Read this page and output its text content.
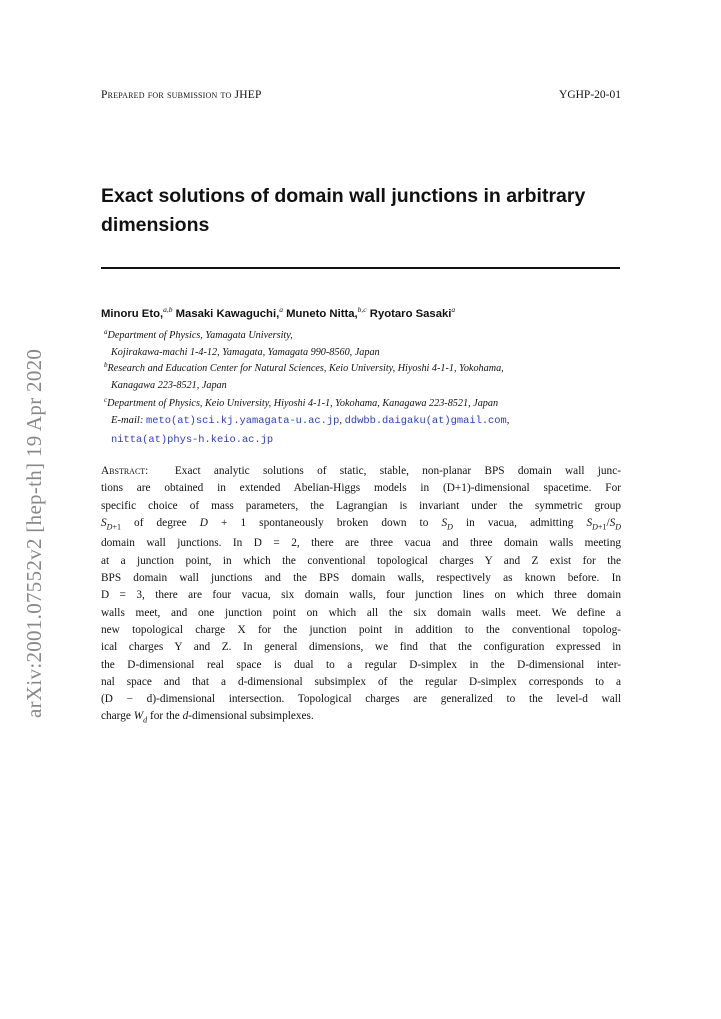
Prepared for submission to JHEP	YGHP-20-01
Exact solutions of domain wall junctions in arbitrary dimensions
Minoru Eto,$^{a,b}$ Masaki Kawaguchi,$^a$ Muneto Nitta,$^{b,c}$ Ryotaro Sasaki$^a$
$^a$Department of Physics, Yamagata University,
Kojirakawa-machi 1-4-12, Yamagata, Yamagata 990-8560, Japan
$^b$Research and Education Center for Natural Sciences, Keio University, Hiyoshi 4-1-1, Yokohama,
Kanagawa 223-8521, Japan
$^c$Department of Physics, Keio University, Hiyoshi 4-1-1, Yokohama, Kanagawa 223-8521, Japan
E-mail: meto(at)sci.kj.yamagata-u.ac.jp, ddwbb.daigaku(at)gmail.com,
nitta(at)phys-h.keio.ac.jp
Abstract: Exact analytic solutions of static, stable, non-planar BPS domain wall junc-
tions are obtained in extended Abelian-Higgs models in (D+1)-dimensional spacetime. For
specific choice of mass parameters, the Lagrangian is invariant under the symmetric group
$S_{D+1}$ of degree D + 1 spontaneously broken down to $S_D$ in vacua, admitting $S_{D+1}/S_D$
domain wall junctions. In D = 2, there are three vacua and three domain walls meeting
at a junction point, in which the conventional topological charges Y and Z exist for the
BPS domain wall junctions and the BPS domain walls, respectively as known before. In
D = 3, there are four vacua, six domain walls, four junction lines on which three domain
walls meet, and one junction point on which all the six domain walls meet. We define a
new topological charge X for the junction point in addition to the conventional topolog-
ical charges Y and Z. In general dimensions, we find that the configuration expressed in
the D-dimensional real space is dual to a regular D-simplex in the D-dimensional inter-
nal space and that a d-dimensional subsimplex of the regular D-simplex corresponds to a
(D − d)-dimensional intersection. Topological charges are generalized to the level-d wall
charge $W_d$ for the d-dimensional subsimplexes.
arXiv:2001.07552v2 [hep-th] 19 Apr 2020
